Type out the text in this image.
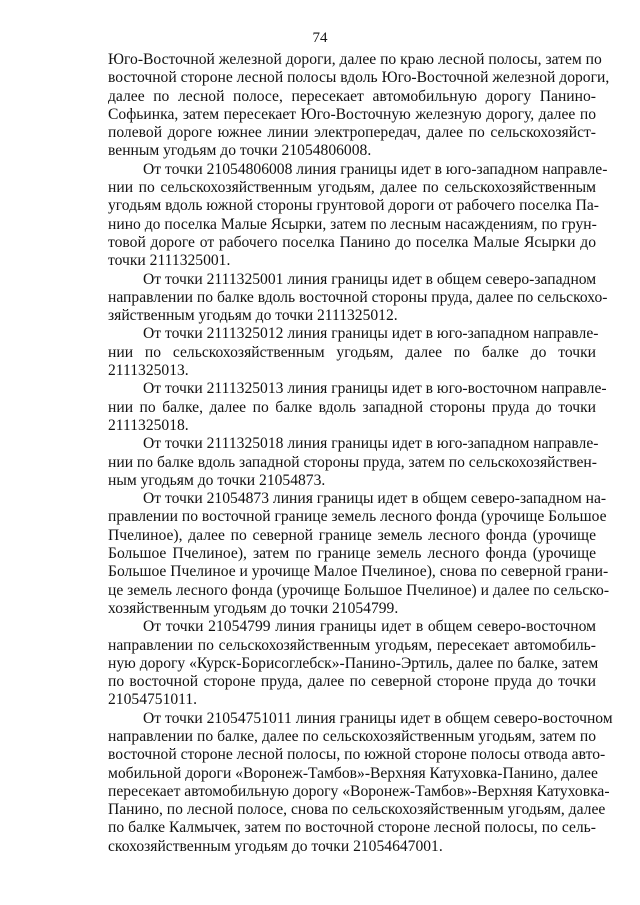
74
Юго-Восточной железной дороги, далее по краю лесной полосы, затем по
восточной стороне лесной полосы вдоль Юго-Восточной железной дороги,
далее по лесной полосе, пересекает автомобильную дорогу Панино-
Софьинка, затем пересекает Юго-Восточную железную дорогу, далее по
полевой дороге южнее линии электропередач, далее по сельскохозяйст-
венным угодьям до точки 21054806008.
От точки 21054806008 линия границы идет в юго-западном направле-
нии по сельскохозяйственным угодьям, далее по сельскохозяйственным
угодьям вдоль южной стороны грунтовой дороги от рабочего поселка Па-
нино до поселка Малые Ясырки, затем по лесным насаждениям, по грун-
товой дороге от рабочего поселка Панино до поселка Малые Ясырки до
точки 2111325001.
От точки 2111325001 линия границы идет в общем северо-западном
направлении по балке вдоль восточной стороны пруда, далее по сельскохо-
зяйственным угодьям до точки 2111325012.
От точки 2111325012 линия границы идет в юго-западном направле-
нии по сельскохозяйственным угодьям, далее по балке до точки
2111325013.
От точки 2111325013 линия границы идет в юго-восточном направле-
нии по балке, далее по балке вдоль западной стороны пруда до точки
2111325018.
От точки 2111325018 линия границы идет в юго-западном направле-
нии по балке вдоль западной стороны пруда, затем по сельскохозяйствен-
ным угодьям до точки 21054873.
От точки 21054873 линия границы идет в общем северо-западном на-
правлении по восточной границе земель лесного фонда (урочище Большое
Пчелиное), далее по северной границе земель лесного фонда (урочище
Большое Пчелиное), затем по границе земель лесного фонда (урочище
Большое Пчелиное и урочище Малое Пчелиное), снова по северной грани-
це земель лесного фонда (урочище Большое Пчелиное) и далее по сельско-
хозяйственным угодьям до точки 21054799.
От точки 21054799 линия границы идет в общем северо-восточном
направлении по сельскохозяйственным угодьям, пересекает автомобиль-
ную дорогу «Курск-Борисоглебск»-Панино-Эртиль, далее по балке, затем
по восточной стороне пруда, далее по северной стороне пруда до точки
21054751011.
От точки 21054751011 линия границы идет в общем северо-восточном
направлении по балке, далее по сельскохозяйственным угодьям, затем по
восточной стороне лесной полосы, по южной стороне полосы отвода авто-
мобильной дороги «Воронеж-Тамбов»-Верхняя Катуховка-Панино, далее
пересекает автомобильную дорогу «Воронеж-Тамбов»-Верхняя Катуховка-
Панино, по лесной полосе, снова по сельскохозяйственным угодьям, далее
по балке Калмычек, затем по восточной стороне лесной полосы, по сель-
скохозяйственным угодьям до точки 21054647001.
